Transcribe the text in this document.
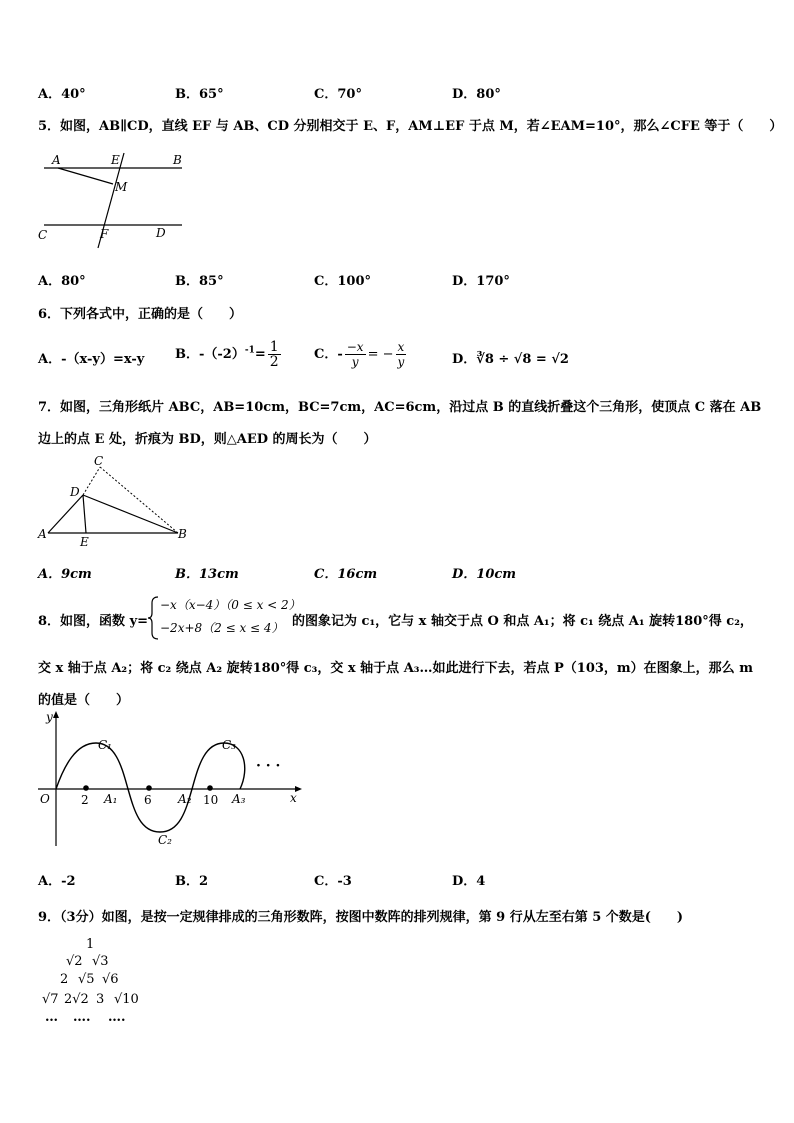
A．40°	B．65°	C．70°	D．80°
5．如图，AB∥CD，直线 EF 与 AB、CD 分别相交于 E、F，AM⊥EF 于点 M，若∠EAM=10°，那么∠CFE 等于（　　）
A	E	B
M
C	F	D
A．80°	B．85°	C．100°	D．170°
6．下列各式中，正确的是（　　）
A．-（x-y）=x-y B．$-(-2)^{-1}= \frac{1}{2}$	C．- $\frac{-x}{y}$ = − $\frac{x}{y}$	D．∛8 ÷ √8 = √2
7．如图，三角形纸片 ABC，AB=10cm，BC=7cm，AC=6cm，沿过点 B 的直线折叠这个三角形，使顶点 C 落在 AB
边上的点 E 处，折痕为 BD，则△AED 的周长为（　　）
C
D
A
E
B
A．9cm	B．13cm	C．16cm	D．10cm
8．如图，函数 y=
−x（x−4）（0 ≤ x < 2）
−2x+8（2 ≤ x ≤ 4） 的图象记为 c₁，它与 x 轴交于点 O 和点 A₁；将 c₁ 绕点 A₁ 旋转180°得 c₂，
交 x 轴于点 A₂；将 c₂ 绕点 A₂ 旋转180°得 c₃，交 x 轴于点 A₃…如此进行下去，若点 P（103，m）在图象上，那么 m
的值是（　　）
y
x
O
C₁
C₂
C₃
2	6	10
A₁	A₂	A₃
· · ·
A．-2	B．2	C．-3	D．4
9．（3分）如图，是按一定规律排成的三角形数阵，按图中数阵的排列规律，第 9 行从左至右第 5 个数是(　　)
1
√2 √3
2 √5 √6
√7 2√2 3 √10
… …. ….
